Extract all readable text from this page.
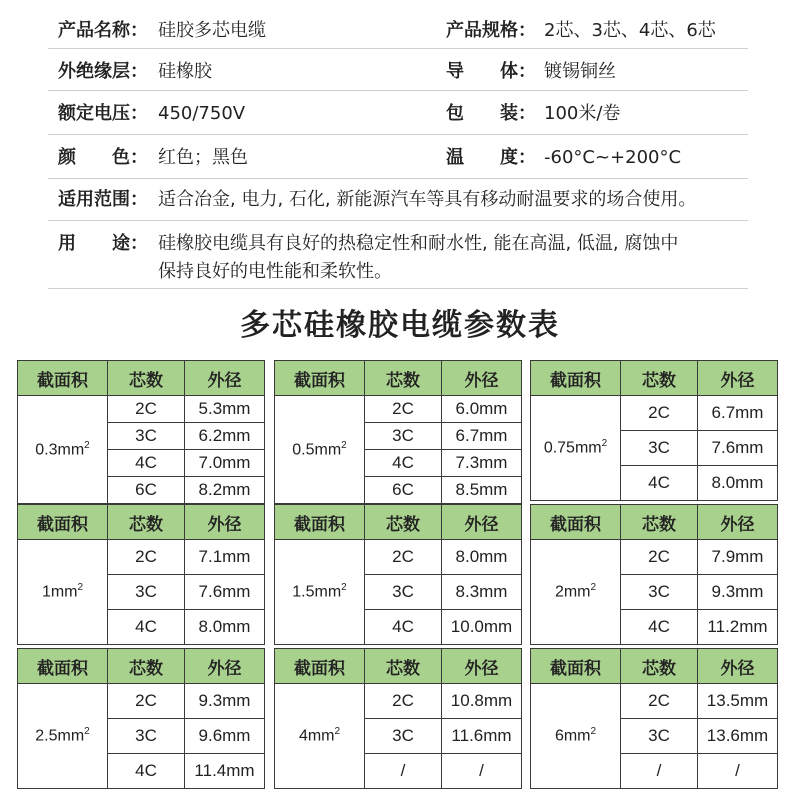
产品名称： 硅胶多芯电缆	产品规格： 2芯、3芯、4芯、6芯
外绝缘层： 硅橡胶	导　　体： 镀锡铜丝
额定电压： 450/750V	包　　装： 100米/卷
颜　　色： 红色；黑色	温　　度： -60°C~+200°C
适用范围： 适合冶金, 电力, 石化, 新能源汽车等具有移动耐温要求的场合使用。
用　　途： 硅橡胶电缆具有良好的热稳定性和耐水性, 能在高温, 低温, 腐蚀中
保持良好的电性能和柔软性。
多芯硅橡胶电缆参数表
截面积	芯数	外径
$0.3mm^2$	2C	5.3mm
	3C	6.2mm
	4C	7.0mm
	6C	8.2mm
截面积	芯数	外径
$0.5mm^2$	2C	6.0mm
	3C	6.7mm
	4C	7.3mm
	6C	8.5mm
截面积	芯数	外径
$0.75mm^2$	2C	6.7mm
	3C	7.6mm
	4C	8.0mm
截面积	芯数	外径
$1mm^2$	2C	7.1mm
	3C	7.6mm
	4C	8.0mm
截面积	芯数	外径
$1.5mm^2$	2C	8.0mm
	3C	8.3mm
	4C	10.0mm
截面积	芯数	外径
$2mm^2$	2C	7.9mm
	3C	9.3mm
	4C	11.2mm
截面积	芯数	外径
$2.5mm^2$	2C	9.3mm
	3C	9.6mm
	4C	11.4mm
截面积	芯数	外径
$4mm^2$	2C	10.8mm
	3C	11.6mm
	/	/
截面积	芯数	外径
$6mm^2$	2C	13.5mm
	3C	13.6mm
	/	/
